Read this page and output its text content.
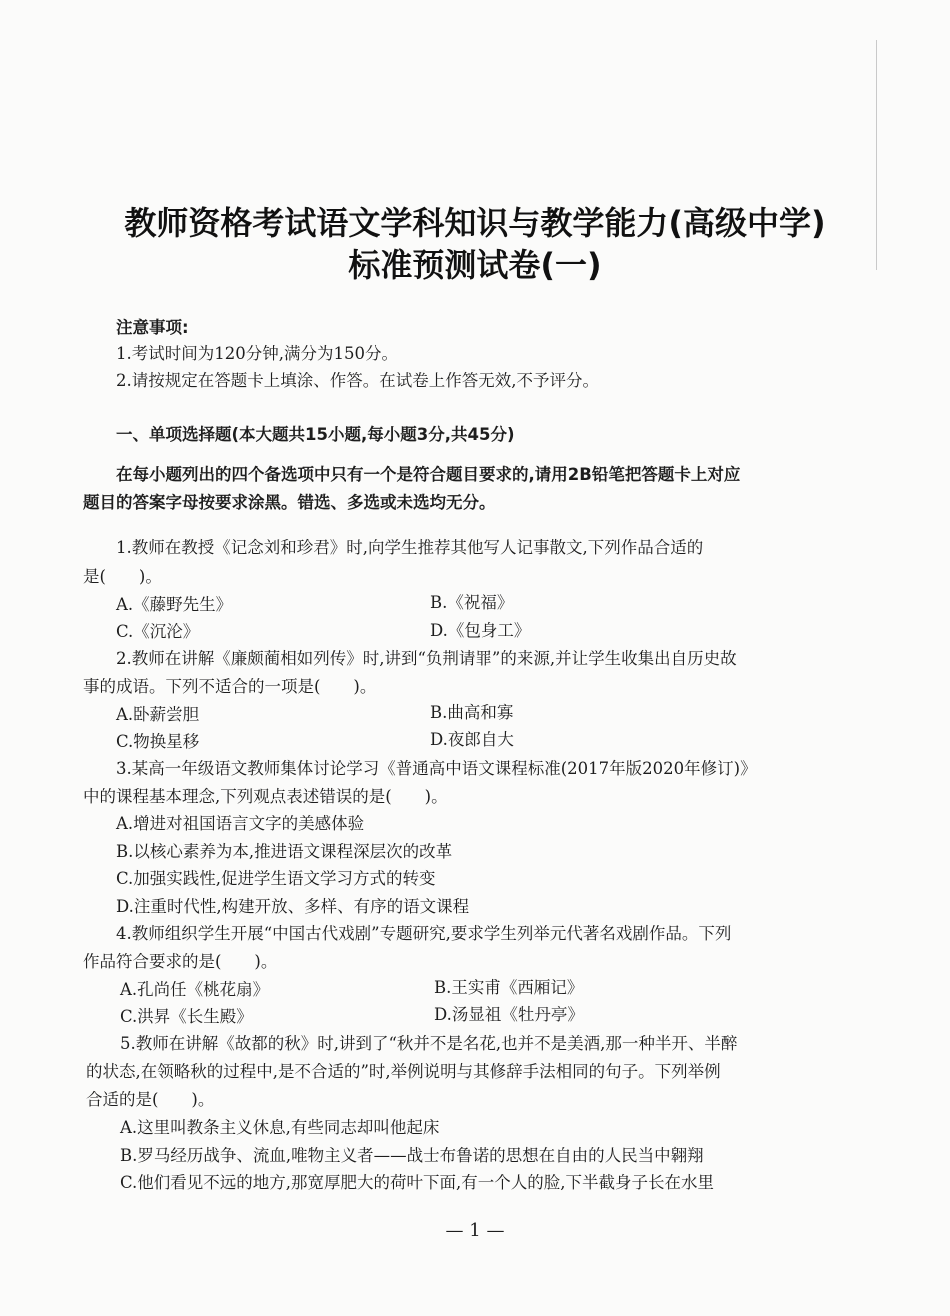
教师资格考试语文学科知识与教学能力(高级中学)
标准预测试卷(一)
注意事项:
1.考试时间为120分钟,满分为150分。
2.请按规定在答题卡上填涂、作答。在试卷上作答无效,不予评分。
一、单项选择题(本大题共15小题,每小题3分,共45分)
在每小题列出的四个备选项中只有一个是符合题目要求的,请用2B铅笔把答题卡上对应
题目的答案字母按要求涂黑。错选、多选或未选均无分。
1.教师在教授《记念刘和珍君》时,向学生推荐其他写人记事散文,下列作品合适的
是(　　)。
A.《藤野先生》	B.《祝福》
C.《沉沦》	D.《包身工》
2.教师在讲解《廉颇蔺相如列传》时,讲到“负荆请罪”的来源,并让学生收集出自历史故
事的成语。下列不适合的一项是(　　)。
A.卧薪尝胆	B.曲高和寡
C.物换星移	D.夜郎自大
3.某高一年级语文教师集体讨论学习《普通高中语文课程标准(2017年版2020年修订)》
中的课程基本理念,下列观点表述错误的是(　　)。
A.增进对祖国语言文字的美感体验
B.以核心素养为本,推进语文课程深层次的改革
C.加强实践性,促进学生语文学习方式的转变
D.注重时代性,构建开放、多样、有序的语文课程
4.教师组织学生开展“中国古代戏剧”专题研究,要求学生列举元代著名戏剧作品。下列
作品符合要求的是(　　)。
A.孔尚任《桃花扇》	B.王实甫《西厢记》
C.洪昇《长生殿》	D.汤显祖《牡丹亭》
5.教师在讲解《故都的秋》时,讲到了“秋并不是名花,也并不是美酒,那一种半开、半醉
的状态,在领略秋的过程中,是不合适的”时,举例说明与其修辞手法相同的句子。下列举例
合适的是(　　)。
A.这里叫教条主义休息,有些同志却叫他起床
B.罗马经历战争、流血,唯物主义者——战士布鲁诺的思想在自由的人民当中翱翔
C.他们看见不远的地方,那宽厚肥大的荷叶下面,有一个人的脸,下半截身子长在水里
— 1 —
